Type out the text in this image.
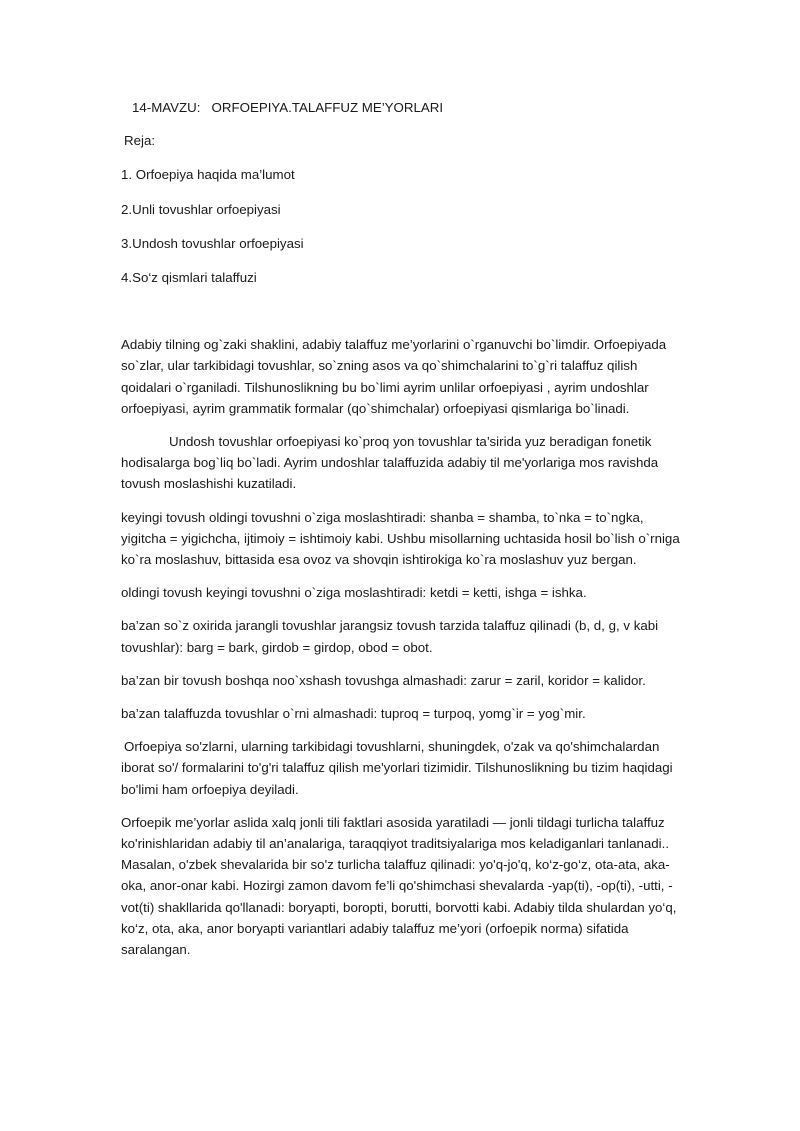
14-MAVZU:   ORFOEPIYA.TALAFFUZ ME’YORLARI
Reja:
1. Orfoepiya haqida ma’lumot
2.Unli tovushlar orfoepiyasi
3.Undosh tovushlar orfoepiyasi
4.So‘z qismlari talaffuzi

Adabiy tilning og`zaki shaklini, adabiy talaffuz me’yorlarini o`rganuvchi bo`limdir. Orfoepiyada so`zlar, ular tarkibidagi tovushlar, so`zning asos va qo`shimchalarini to`g`ri talaffuz qilish qoidalari o`rganiladi. Tilshunoslikning bu bo`limi ayrim unlilar orfoepiyasi , ayrim undoshlar orfoepiyasi, ayrim grammatik formalar (qo`shimchalar) orfoepiyasi qismlariga bo`linadi.

Undosh tovushlar orfoepiyasi ko`proq yon tovushlar ta’sirida yuz beradigan fonetik hodisalarga bog`liq bo`ladi. Ayrim undoshlar talaffuzida adabiy til me'yorlariga mos ravishda tovush moslashishi kuzatiladi.

keyingi tovush oldingi tovushni o`ziga moslashtiradi: shanba = shamba, to`nka = to`ngka, yigitcha = yigichcha, ijtimoiy = ishtimoiy kabi. Ushbu misollarning uchtasida hosil bo`lish o`rniga ko`ra moslashuv, bittasida esa ovoz va shovqin ishtirokiga ko`ra moslashuv yuz bergan.

oldingi tovush keyingi tovushni o`ziga moslashtiradi: ketdi = ketti, ishga = ishka.

ba’zan so`z oxirida jarangli tovushlar jarangsiz tovush tarzida talaffuz qilinadi (b, d, g, v kabi tovushlar): barg = bark, girdob = girdop, obod = obot.

ba’zan bir tovush boshqa noo`xshash tovushga almashadi: zarur = zaril, koridor = kalidor.

ba’zan talaffuzda tovushlar o`rni almashadi: tuproq = turpoq, yomg`ir = yog`mir.

Orfoepiya so'zlarni, ularning tarkibidagi tovushlarni, shuningdek, o'zak va qo'shimchalardan iborat so'/ formalarini to'g'ri talaffuz qilish me'yorlari tizimidir. Tilshunoslikning bu tizim haqidagi bo'limi ham orfoepiya deyiladi.

Orfoepik me’yorlar aslida xalq jonli tili faktlari asosida yaratiladi — jonli tildagi turlicha talaffuz ko'rinishlaridan adabiy til an’analariga, taraqqiyot traditsiyalariga mos keladiganlari tanlanadi.. Masalan, o'zbek shevalarida bir so'z turlicha talaffuz qilinadi: yo'q-jo'q, ko‘z-go‘z, ota-ata, aka-oka, anor-onar kabi. Hozirgi zamon davom fe’li qo'shimchasi shevalarda -yap(ti), -op(ti), -utti, -vot(ti) shakllarida qo'llanadi: boryapti, boropti, borutti, borvotti kabi. Adabiy tilda shulardan yo‘q, ko‘z, ota, aka, anor boryapti variantlari adabiy talaffuz me’yori (orfoepik norma) sifatida saralangan.
